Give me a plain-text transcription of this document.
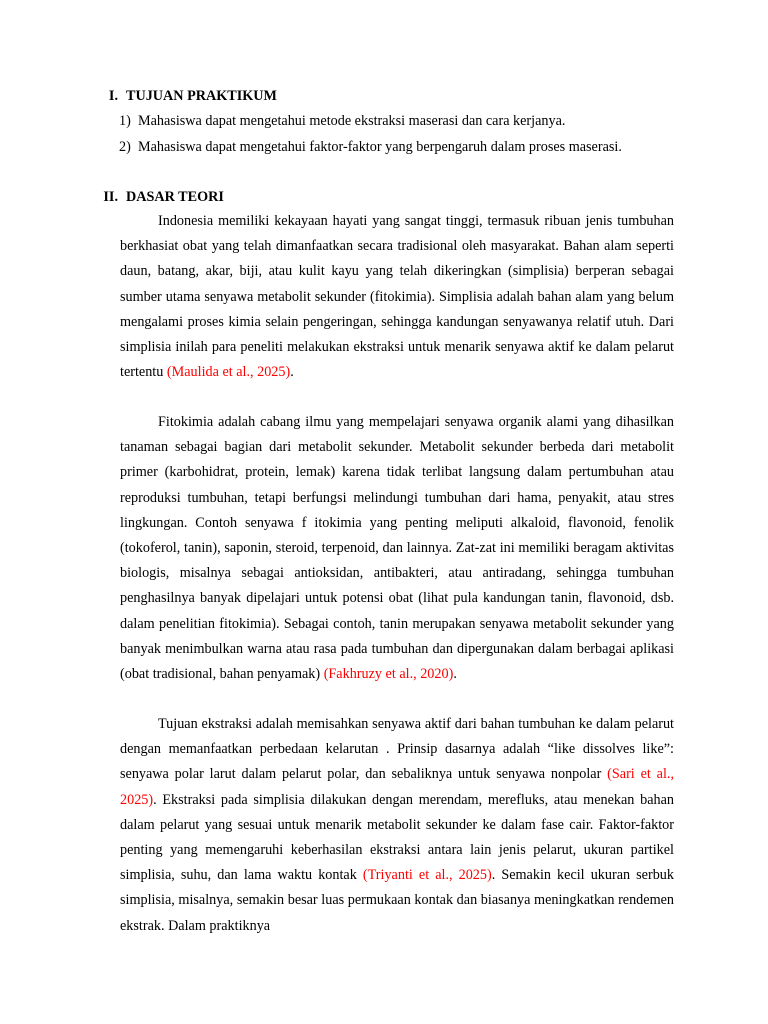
I. TUJUAN PRAKTIKUM
1) Mahasiswa dapat mengetahui metode ekstraksi maserasi dan cara kerjanya.
2) Mahasiswa dapat mengetahui faktor-faktor yang berpengaruh dalam proses maserasi.
II. DASAR TEORI

Indonesia memiliki kekayaan hayati yang sangat tinggi, termasuk ribuan jenis tumbuhan berkhasiat obat yang telah dimanfaatkan secara tradisional oleh masyarakat. Bahan alam seperti daun, batang, akar, biji, atau kulit kayu yang telah dikeringkan (simplisia) berperan sebagai sumber utama senyawa metabolit sekunder (fitokimia). Simplisia adalah bahan alam yang belum mengalami proses kimia selain pengeringan, sehingga kandungan senyawanya relatif utuh. Dari simplisia inilah para peneliti melakukan ekstraksi untuk menarik senyawa aktif ke dalam pelarut tertentu (Maulida et al., 2025).

Fitokimia adalah cabang ilmu yang mempelajari senyawa organik alami yang dihasilkan tanaman sebagai bagian dari metabolit sekunder. Metabolit sekunder berbeda dari metabolit primer (karbohidrat, protein, lemak) karena tidak terlibat langsung dalam pertumbuhan atau reproduksi tumbuhan, tetapi berfungsi melindungi tumbuhan dari hama, penyakit, atau stres lingkungan. Contoh senyawa f itokimia yang penting meliputi alkaloid, flavonoid, fenolik (tokoferol, tanin), saponin, steroid, terpenoid, dan lainnya. Zat-zat ini memiliki beragam aktivitas biologis, misalnya sebagai antioksidan, antibakteri, atau antiradang, sehingga tumbuhan penghasilnya banyak dipelajari untuk potensi obat (lihat pula kandungan tanin, flavonoid, dsb. dalam penelitian fitokimia). Sebagai contoh, tanin merupakan senyawa metabolit sekunder yang banyak menimbulkan warna atau rasa pada tumbuhan dan dipergunakan dalam berbagai aplikasi (obat tradisional, bahan penyamak) (Fakhruzy et al., 2020).

Tujuan ekstraksi adalah memisahkan senyawa aktif dari bahan tumbuhan ke dalam pelarut dengan memanfaatkan perbedaan kelarutan . Prinsip dasarnya adalah “like dissolves like”: senyawa polar larut dalam pelarut polar, dan sebaliknya untuk senyawa nonpolar (Sari et al., 2025). Ekstraksi pada simplisia dilakukan dengan merendam, merefluks, atau menekan bahan dalam pelarut yang sesuai untuk menarik metabolit sekunder ke dalam fase cair. Faktor-faktor penting yang memengaruhi keberhasilan ekstraksi antara lain jenis pelarut, ukuran partikel simplisia, suhu, dan lama waktu kontak (Triyanti et al., 2025). Semakin kecil ukuran serbuk simplisia, misalnya, semakin besar luas permukaan kontak dan biasanya meningkatkan rendemen ekstrak. Dalam praktiknya
